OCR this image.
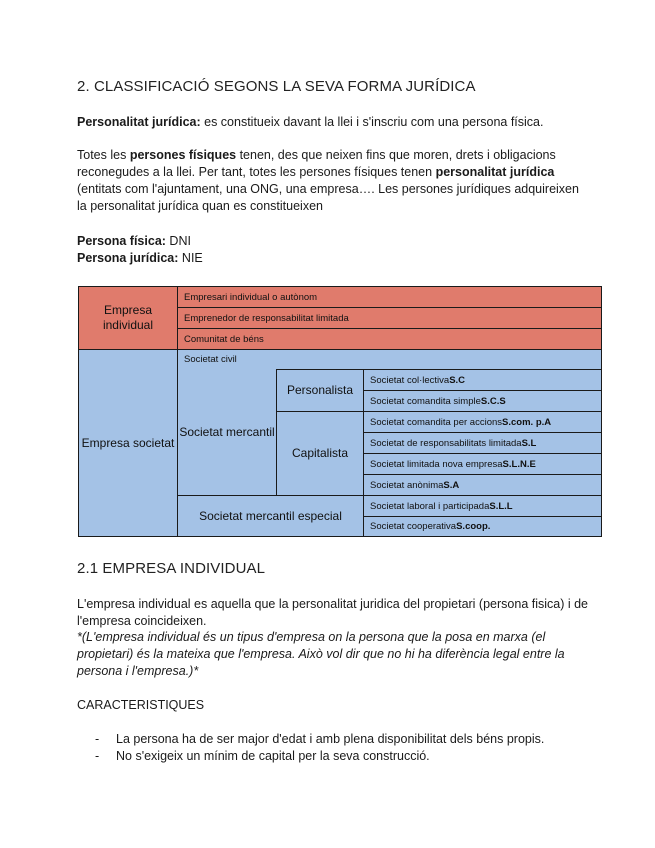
2. CLASSIFICACIÓ SEGONS LA SEVA FORMA JURÍDICA
Personalitat jurídica: es constitueix davant la llei i s'inscriu com una persona física.
Totes les persones físiques tenen, des que neixen fins que moren, drets i obligacions reconegudes a la llei. Per tant, totes les persones físiques tenen personalitat jurídica (entitats com l'ajuntament, una ONG, una empresa…. Les persones jurídiques adquireixen la personalitat jurídica quan es constitueixen
Persona física: DNI
Persona jurídica: NIE
Empresa individual
Empresari individual o autònom
Emprenedor de responsabilitat limitada
Comunitat de béns
Empresa societat
Societat civil
Societat mercantil
Personalista
Capitalista
Societat mercantil especial
Societat col·lectiva S.C
Societat comandita simple S.C.S
Societat comandita per accions S.com. p.A
Societat de responsabilitats limitada S.L
Societat limitada nova empresa S.L.N.E
Societat anònima S.A
Societat laboral i participada S.L.L
Societat cooperativa S.coop.
2.1 EMPRESA INDIVIDUAL
L'empresa individual es aquella que la personalitat juridica del propietari (persona fisica) i de l'empresa coincideixen.
*(L'empresa individual és un tipus d'empresa on la persona que la posa en marxa (el propietari) és la mateixa que l'empresa. Això vol dir que no hi ha diferència legal entre la persona i l'empresa.)*
CARACTERISTIQUES
- La persona ha de ser major d'edat i amb plena disponibilitat dels béns propis.
- No s'exigeix un mínim de capital per la seva construcció.
